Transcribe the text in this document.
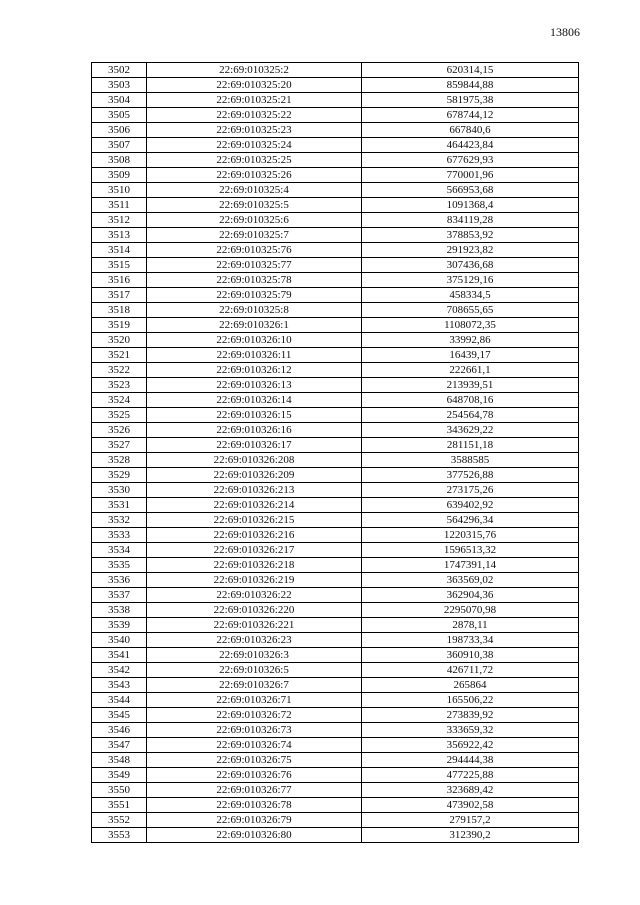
13806
3502	22:69:010325:2	620314,15
3503	22:69:010325:20	859844,88
3504	22:69:010325:21	581975,38
3505	22:69:010325:22	678744,12
3506	22:69:010325:23	667840,6
3507	22:69:010325:24	464423,84
3508	22:69:010325:25	677629,93
3509	22:69:010325:26	770001,96
3510	22:69:010325:4	566953,68
3511	22:69:010325:5	1091368,4
3512	22:69:010325:6	834119,28
3513	22:69:010325:7	378853,92
3514	22:69:010325:76	291923,82
3515	22:69:010325:77	307436,68
3516	22:69:010325:78	375129,16
3517	22:69:010325:79	458334,5
3518	22:69:010325:8	708655,65
3519	22:69:010326:1	1108072,35
3520	22:69:010326:10	33992,86
3521	22:69:010326:11	16439,17
3522	22:69:010326:12	222661,1
3523	22:69:010326:13	213939,51
3524	22:69:010326:14	648708,16
3525	22:69:010326:15	254564,78
3526	22:69:010326:16	343629,22
3527	22:69:010326:17	281151,18
3528	22:69:010326:208	3588585
3529	22:69:010326:209	377526,88
3530	22:69:010326:213	273175,26
3531	22:69:010326:214	639402,92
3532	22:69:010326:215	564296,34
3533	22:69:010326:216	1220315,76
3534	22:69:010326:217	1596513,32
3535	22:69:010326:218	1747391,14
3536	22:69:010326:219	363569,02
3537	22:69:010326:22	362904,36
3538	22:69:010326:220	2295070,98
3539	22:69:010326:221	2878,11
3540	22:69:010326:23	198733,34
3541	22:69:010326:3	360910,38
3542	22:69:010326:5	426711,72
3543	22:69:010326:7	265864
3544	22:69:010326:71	165506,22
3545	22:69:010326:72	273839,92
3546	22:69:010326:73	333659,32
3547	22:69:010326:74	356922,42
3548	22:69:010326:75	294444,38
3549	22:69:010326:76	477225,88
3550	22:69:010326:77	323689,42
3551	22:69:010326:78	473902,58
3552	22:69:010326:79	279157,2
3553	22:69:010326:80	312390,2
